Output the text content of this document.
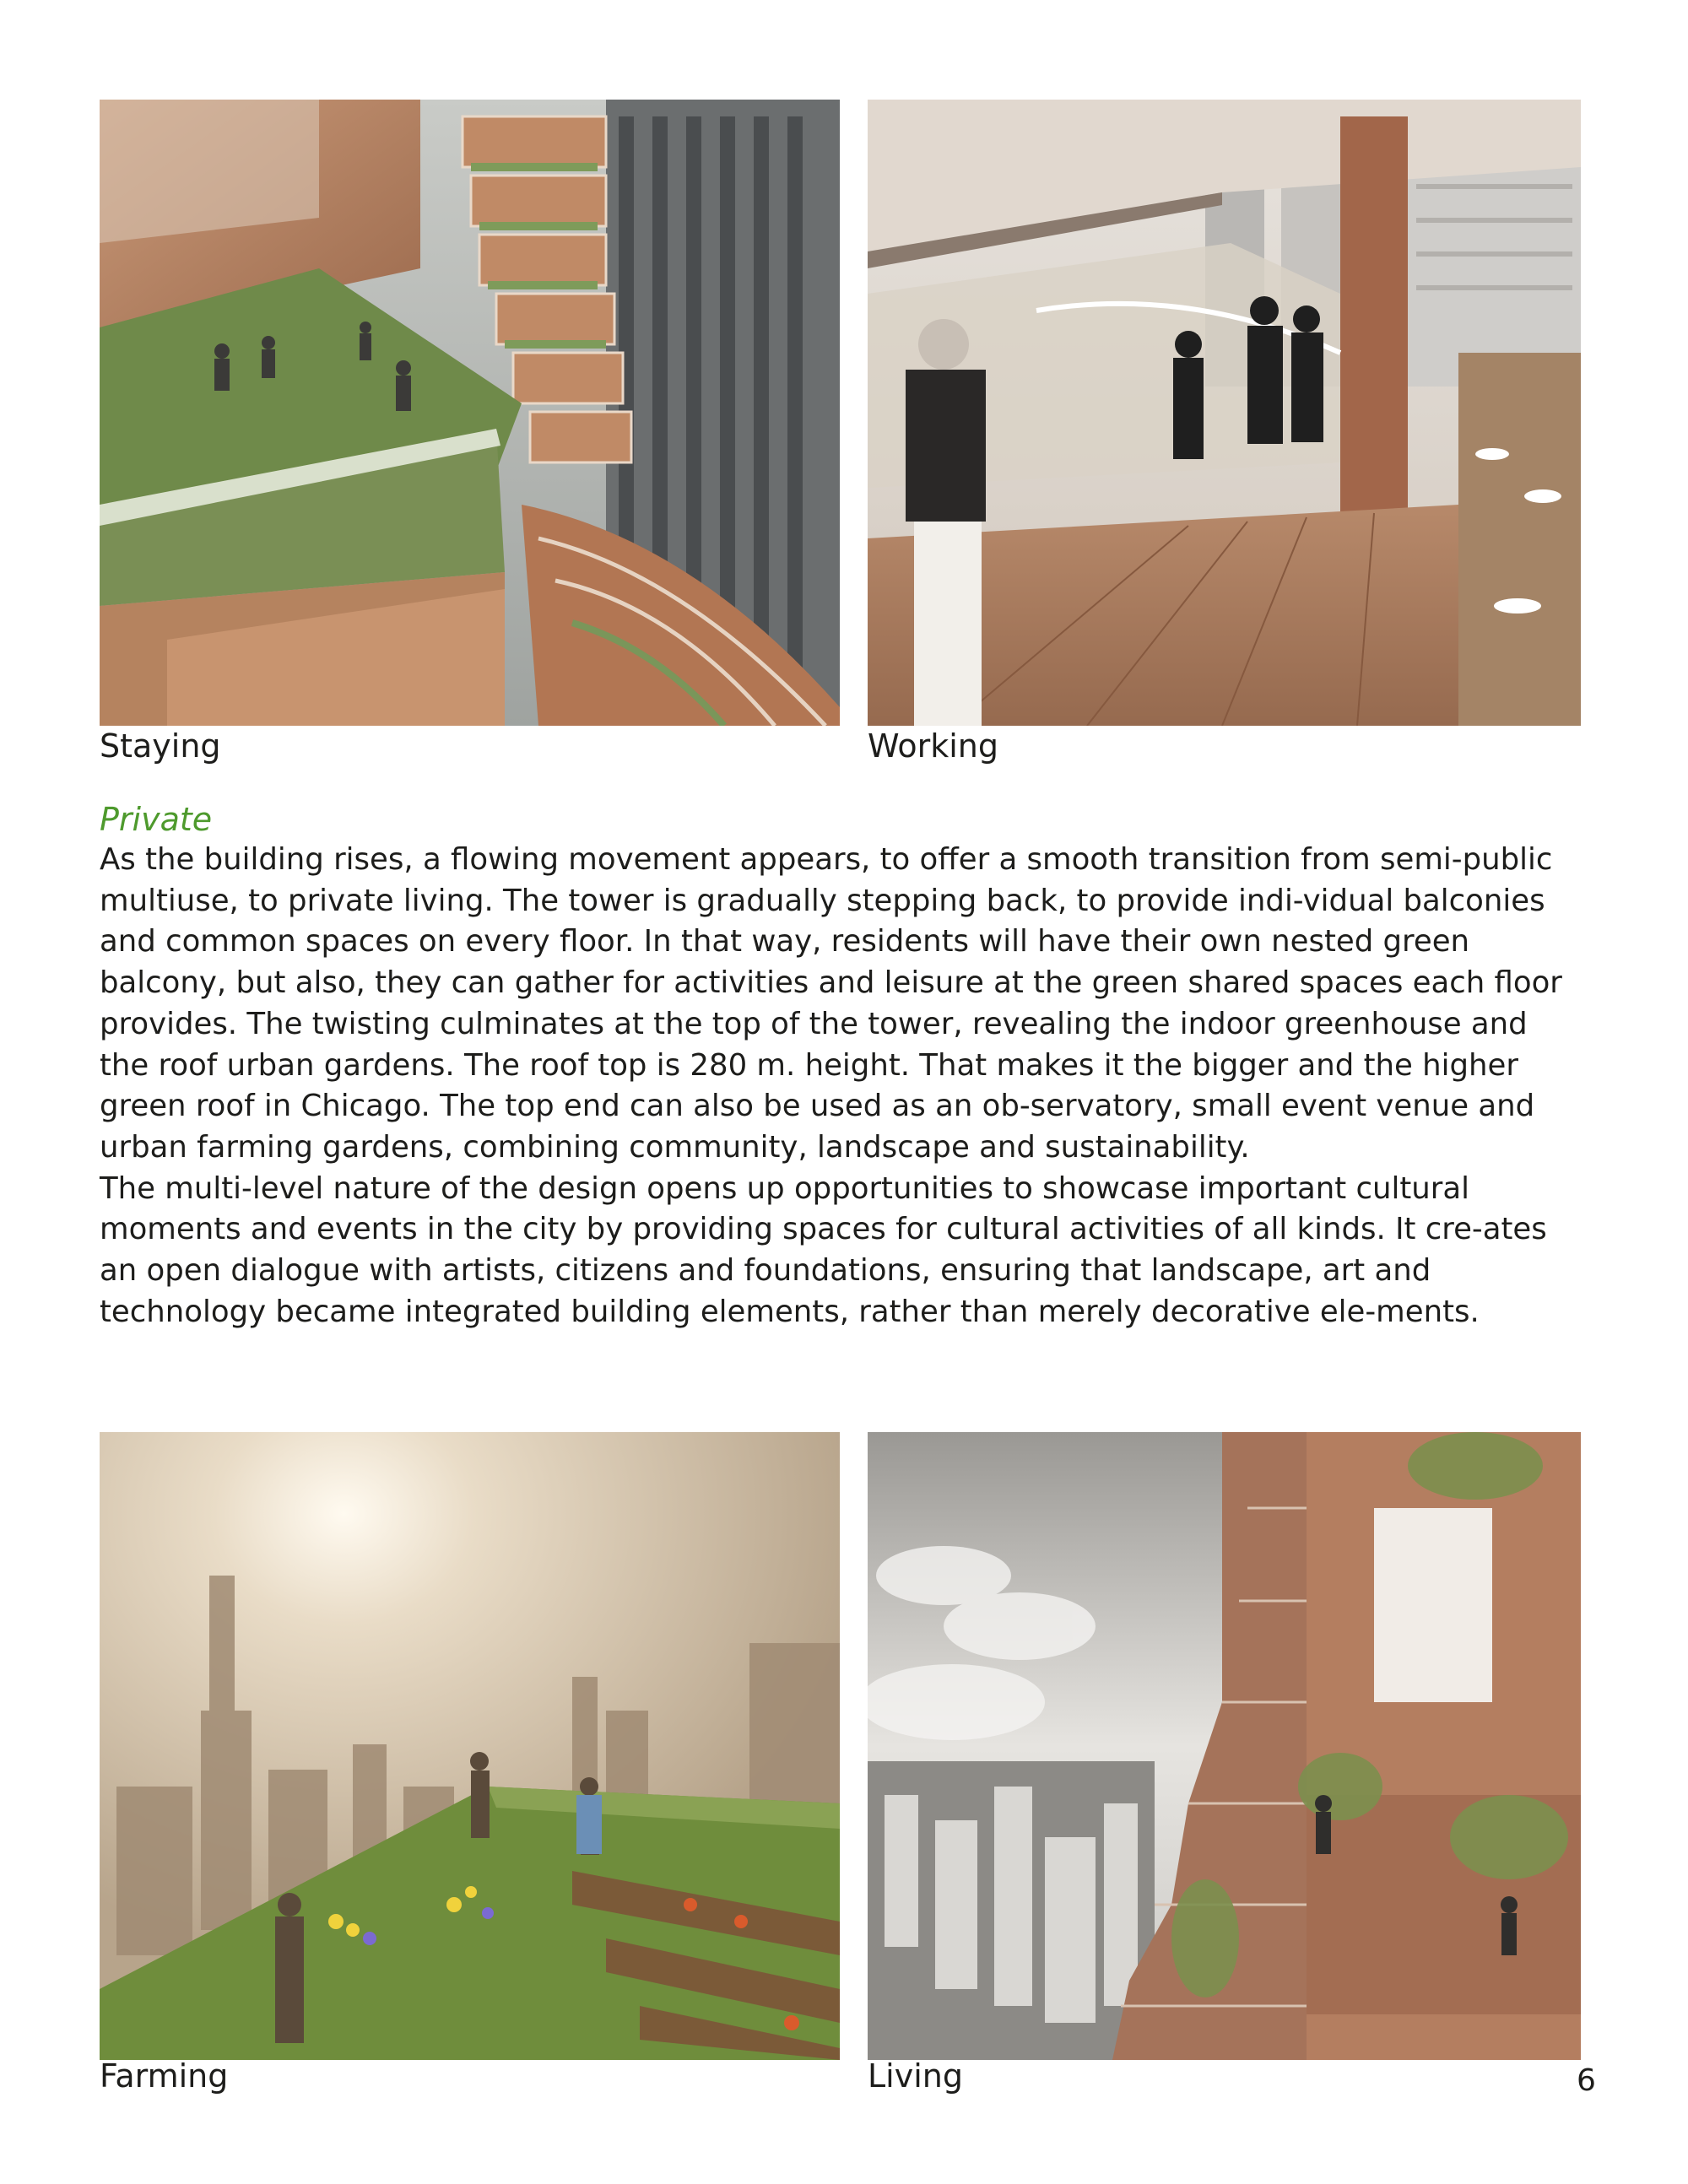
Staying	Working
Private

As the building rises, a flowing movement appears, to offer a smooth transition from semi-public multiuse, to private living. The tower is gradually stepping back, to provide indi-vidual balconies and common spaces on every floor. In that way, residents will have their own nested green balcony, but also, they can gather for activities and leisure at the green shared spaces each floor provides. The twisting culminates at the top of the tower, revealing the indoor greenhouse and the roof urban gardens. The roof top is 280 m. height. That makes it the bigger and the higher green roof in Chicago. The top end can also be used as an ob-servatory, small event venue and urban farming gardens, combining community, landscape and sustainability.

The multi-level nature of the design opens up opportunities to showcase important cultural moments and events in the city by providing spaces for cultural activities of all kinds. It cre-ates an open dialogue with artists, citizens and foundations, ensuring that landscape, art and technology became integrated building elements, rather than merely decorative ele-ments.

Farming	Living	6
